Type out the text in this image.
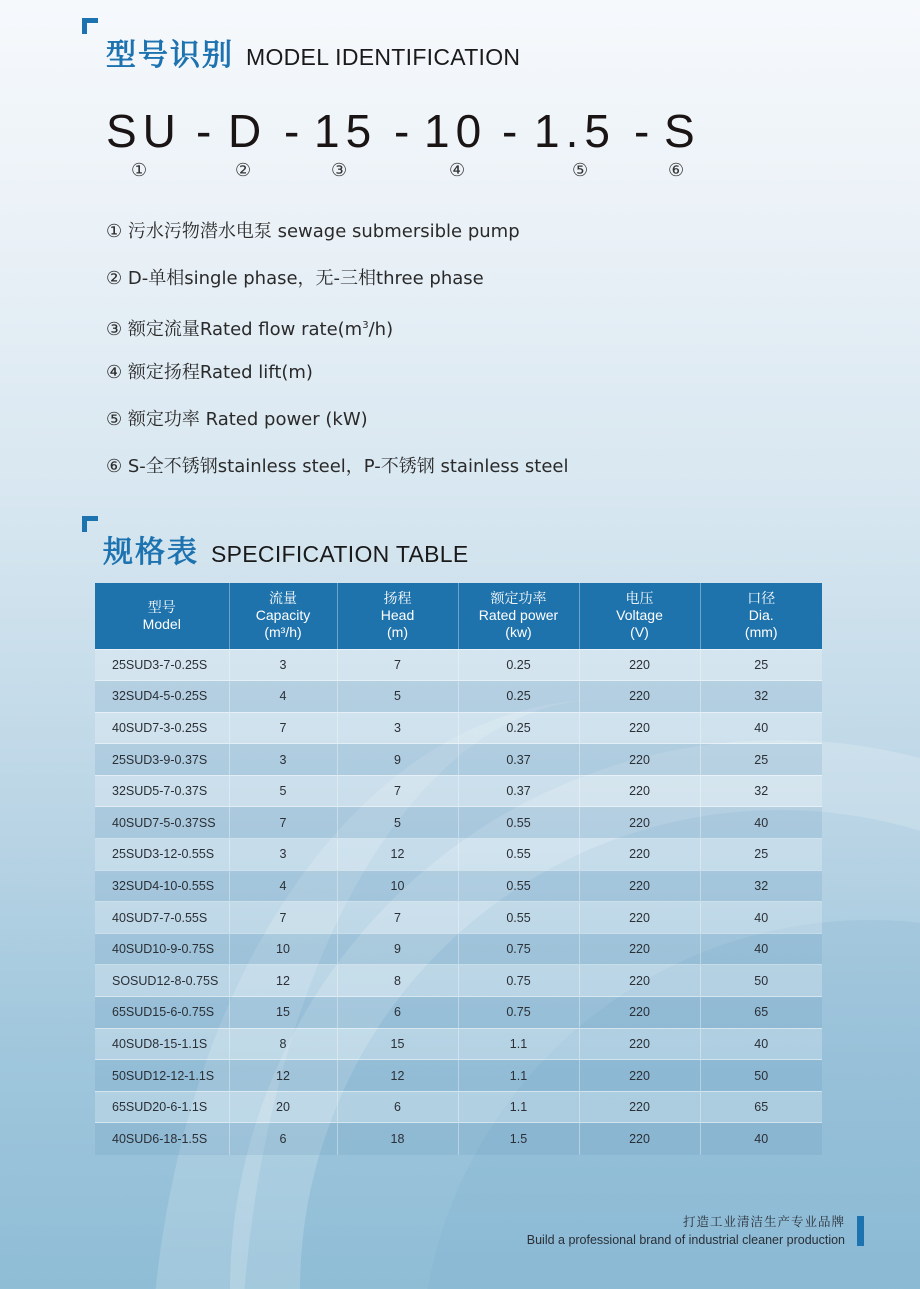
型号识别 MODEL IDENTIFICATION
SU - D - 15 - 10 - 1.5 - S
①	②	③	④	⑤	⑥
① 污水污物潜水电泵 sewage submersible pump
② D-单相single phase，无-三相three phase
③ 额定流量Rated flow $rate(m^3/h)$
④ 额定扬程Rated lift(m)
⑤ 额定功率 Rated power (kW)
⑥ S-全不锈钢stainless steel，P-不锈钢 stainless steel
规格表 SPECIFICATION TABLE
型号
Model

流量
Capacity
(m³/h)

扬程
Head
(m)

额定功率
Rated power
(kw)

电压
Voltage
(V)

口径
Dia.
(mm)

25SUD3-7-0.25S	3	7	0.25	220	25
32SUD4-5-0.25S	4	5	0.25	220	32
40SUD7-3-0.25S	7	3	0.25	220	40
25SUD3-9-0.37S	3	9	0.37	220	25
32SUD5-7-0.37S	5	7	0.37	220	32
40SUD7-5-0.37SS	7	5	0.55	220	40
25SUD3-12-0.55S	3	12	0.55	220	25
32SUD4-10-0.55S	4	10	0.55	220	32
40SUD7-7-0.55S	7	7	0.55	220	40
40SUD10-9-0.75S	10	9	0.75	220	40
SOSUD12-8-0.75S	12	8	0.75	220	50
65SUD15-6-0.75S	15	6	0.75	220	65
40SUD8-15-1.1S	8	15	1.1	220	40
50SUD12-12-1.1S	12	12	1.1	220	50
65SUD20-6-1.1S	20	6	1.1	220	65
40SUD6-18-1.5S	6	18	1.5	220	40
打造工业清洁生产专业品牌
Build a professional brand of industrial cleaner production
